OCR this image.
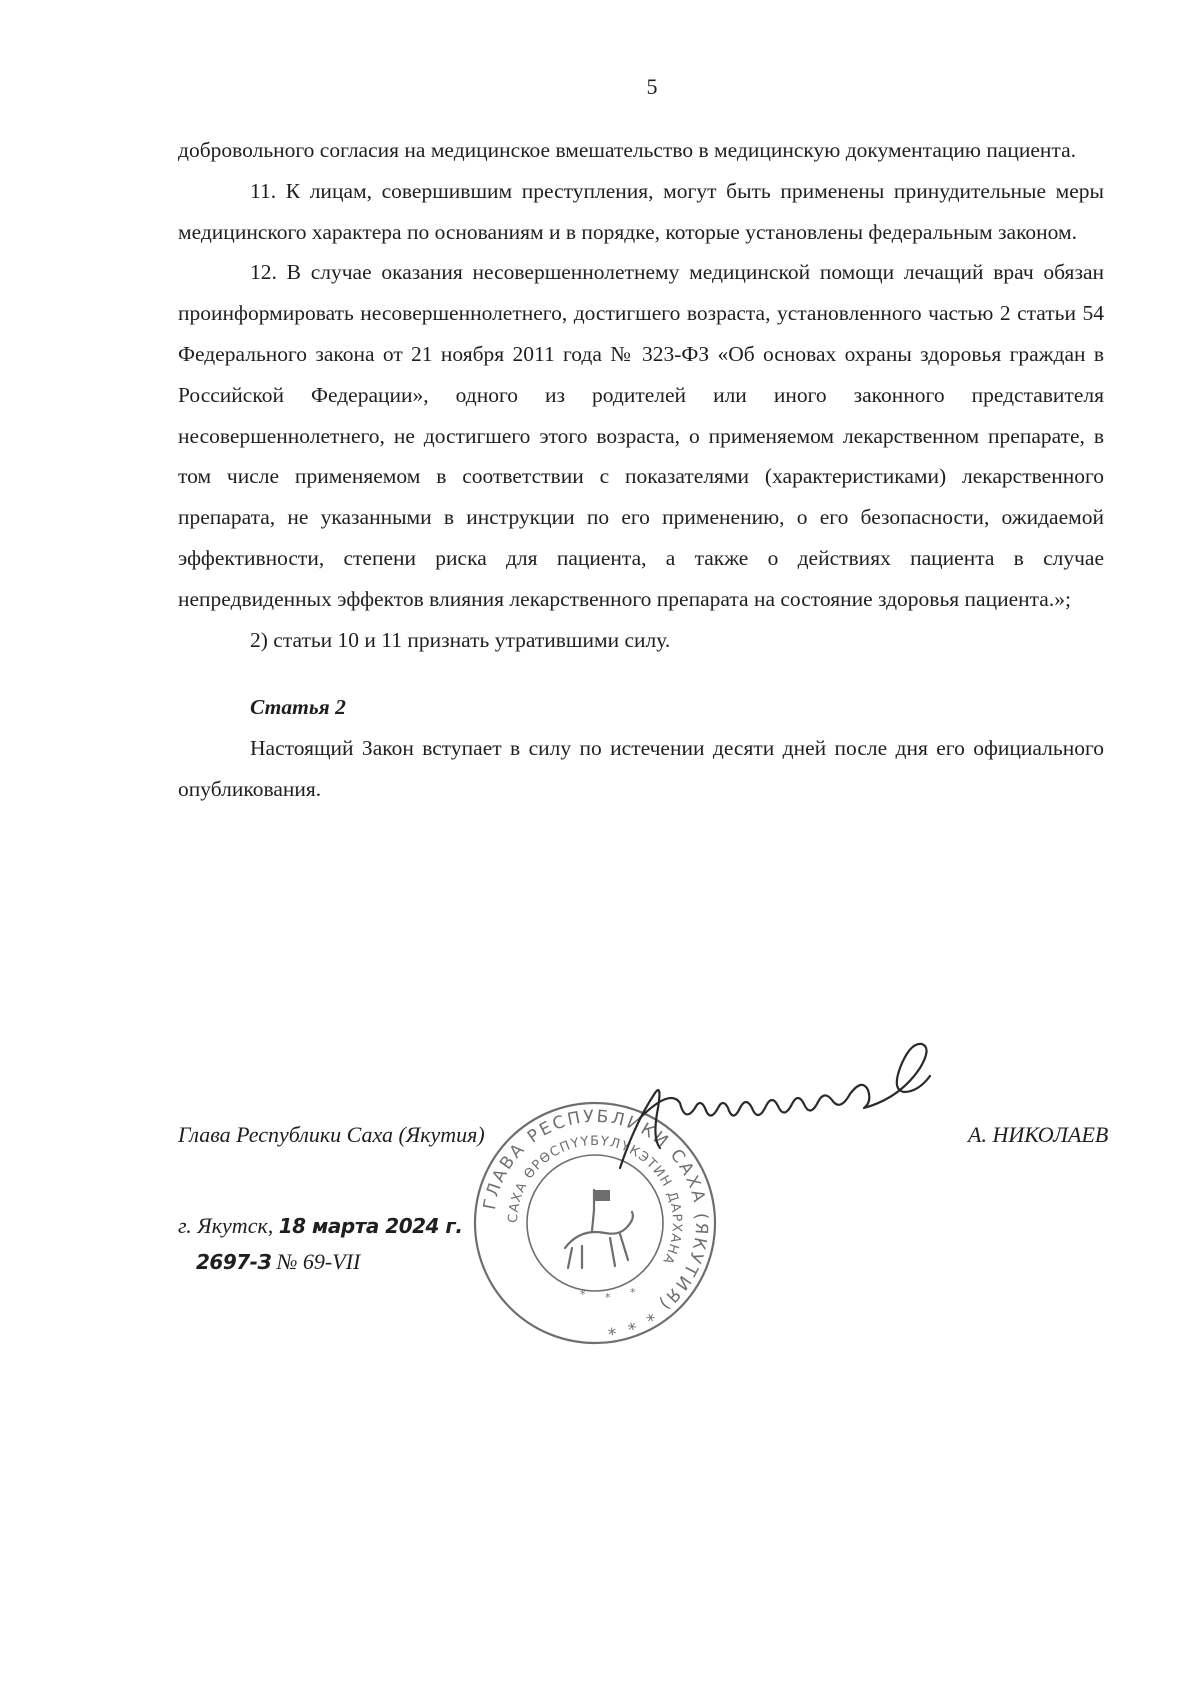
5

добровольного согласия на медицинское вмешательство в медицинскую документацию пациента.

11. К лицам, совершившим преступления, могут быть применены принудительные меры медицинского характера по основаниям и в порядке, которые установлены федеральным законом.

12. В случае оказания несовершеннолетнему медицинской помощи лечащий врач обязан проинформировать несовершеннолетнего, достигшего возраста, установленного частью 2 статьи 54 Федерального закона от 21 ноября 2011 года № 323-ФЗ «Об основах охраны здоровья граждан в Российской Федерации», одного из родителей или иного законного представителя несовершеннолетнего, не достигшего этого возраста, о применяемом лекарственном препарате, в том числе применяемом в соответствии с показателями (характеристиками) лекарственного препарата, не указанными в инструкции по его применению, о его безопасности, ожидаемой эффективности, степени риска для пациента, а также о действиях пациента в случае непредвиденных эффектов влияния лекарственного препарата на состояние здоровья пациента.»;

2) статьи 10 и 11 признать утратившими силу.

Статья 2

Настоящий Закон вступает в силу по истечении десяти дней после дня его официального опубликования.

Глава Республики Саха (Якутия)	А. НИКОЛАЕВ
г. Якутск, 18 марта 2024 г.
2697-З № 69-VII
ГЛАВА РЕСПУБЛИКИ САХА (ЯКУТИЯ) * * *
САХА ӨРӨСПҮҮБҮЛҮКЭТИН ДАРХАНА
* * *
